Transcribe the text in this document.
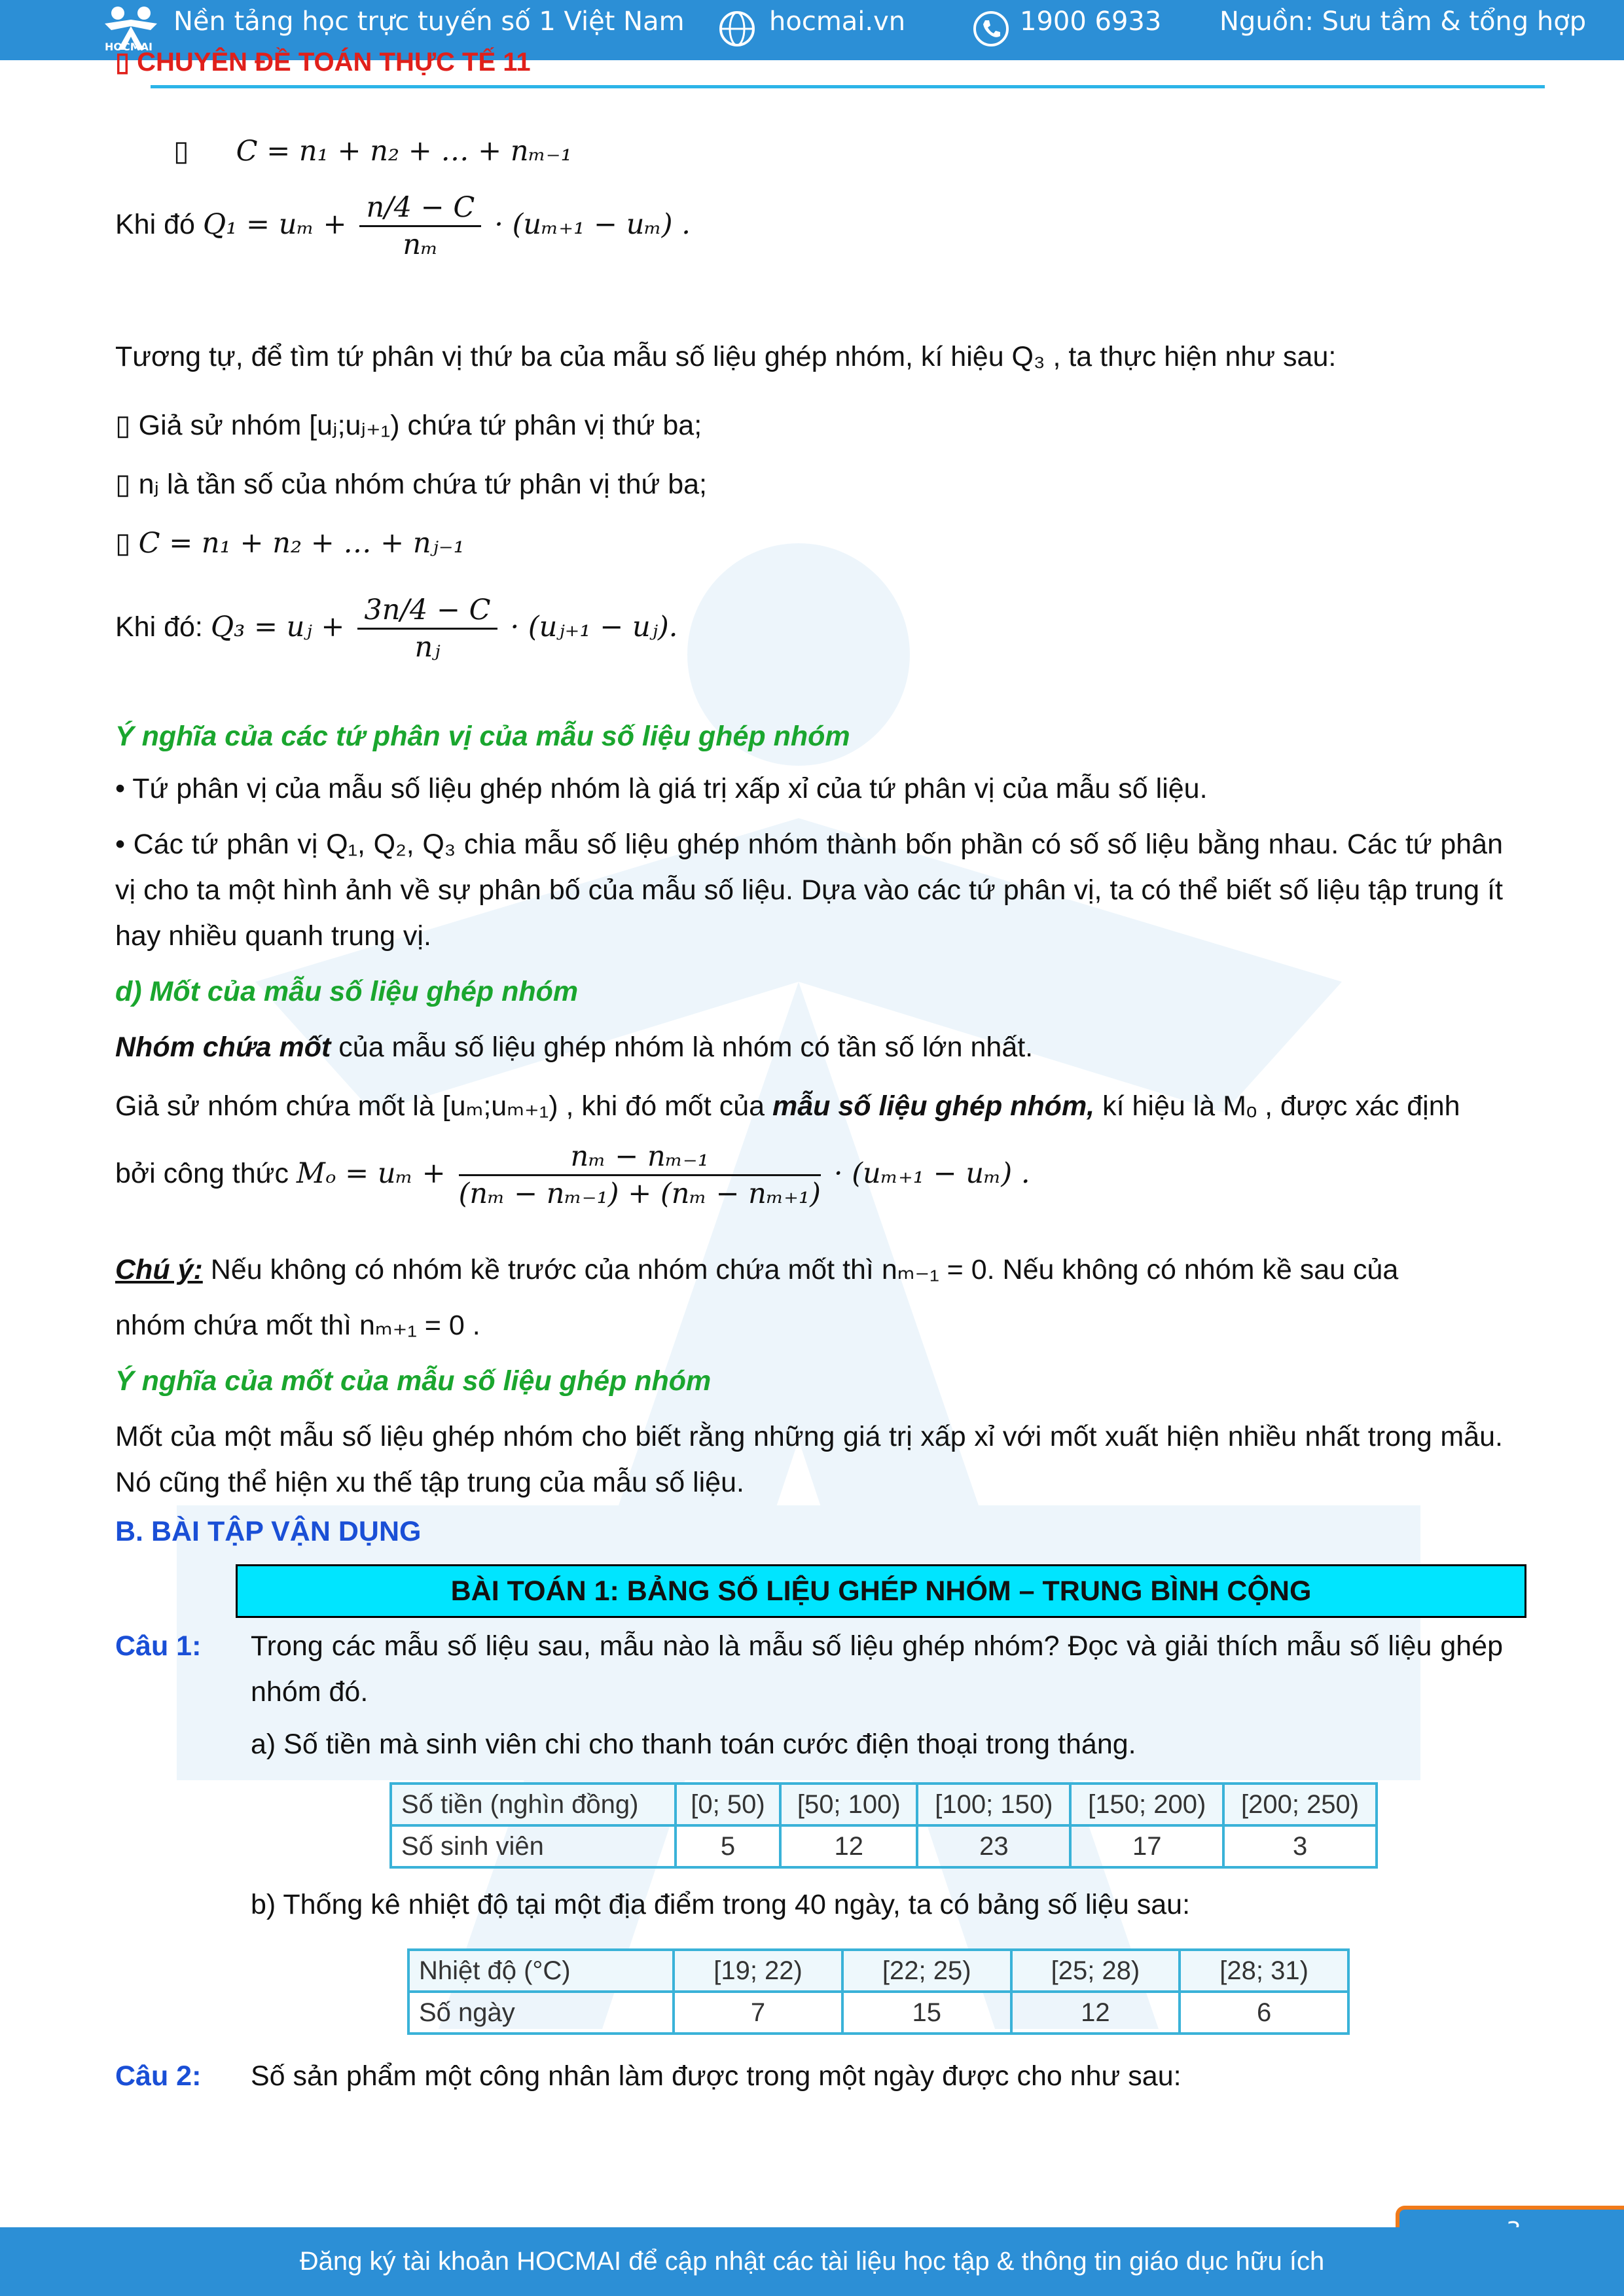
HOCMAI
Nền tảng học trực tuyến số 1 Việt Nam	hocmai.vn	1900 6933 Nguồn: Sưu tầm & tổng hợp
▯ CHUYÊN ĐỀ TOÁN THỰC TẾ 11
▯ C = n₁ + n₂ + … + nₘ₋₁
Khi đó $Q_1 = u_m + \frac{n/4 - C}{\text{nₘ}} \cdot (u_{m+1} - u_m)$ .
Tương tự, để tìm tứ phân vị thứ ba của mẫu số liệu ghép nhóm, kí hiệu Q₃ , ta thực hiện như sau:
▯ Giả sử nhóm [uⱼ;uⱼ₊₁) chứa tứ phân vị thứ ba;
▯ nⱼ là tần số của nhóm chứa tứ phân vị thứ ba;
▯ C = n₁ + n₂ + … + nⱼ₋₁
Khi đó: Q₃ = uⱼ + $\frac{3n/4 - C}{\text{nⱼ}}$ · (uⱼ₊₁ − uⱼ).
Ý nghĩa của các tứ phân vị của mẫu số liệu ghép nhóm
• Tứ phân vị của mẫu số liệu ghép nhóm là giá trị xấp xỉ của tứ phân vị của mẫu số liệu.
• Các tứ phân vị Q₁, Q₂, Q₃ chia mẫu số liệu ghép nhóm thành bốn phần có số số liệu bằng nhau. Các tứ phân vị cho ta một hình ảnh về sự phân bố của mẫu số liệu. Dựa vào các tứ phân vị, ta có thể biết số liệu tập trung ít hay nhiều quanh trung vị.
d) Mốt của mẫu số liệu ghép nhóm
Nhóm chứa mốt của mẫu số liệu ghép nhóm là nhóm có tần số lớn nhất.
Giả sử nhóm chứa mốt là [uₘ;uₘ₊₁) , khi đó mốt của mẫu số liệu ghép nhóm, kí hiệu là Mₒ , được xác định
bởi công thức $M_o = u_m + \frac{\text{nₘ − nₘ₋₁}}{\text{(nₘ − nₘ₋₁) + (nₘ − nₘ₊₁)}} \cdot (u_{m+1} - u_m)$ .
Chú ý: Nếu không có nhóm kề trước của nhóm chứa mốt thì nₘ₋₁ = 0. Nếu không có nhóm kề sau của
nhóm chứa mốt thì nₘ₊₁ = 0 .
Ý nghĩa của mốt của mẫu số liệu ghép nhóm
Mốt của một mẫu số liệu ghép nhóm cho biết rằng những giá trị xấp xỉ với mốt xuất hiện nhiều nhất trong mẫu. Nó cũng thể hiện xu thế tập trung của mẫu số liệu.
B. BÀI TẬP VẬN DỤNG
BÀI TOÁN 1: BẢNG SỐ LIỆU GHÉP NHÓM – TRUNG BÌNH CỘNG
Câu 1: Trong các mẫu số liệu sau, mẫu nào là mẫu số liệu ghép nhóm? Đọc và giải thích mẫu số liệu ghép nhóm đó.
a) Số tiền mà sinh viên chi cho thanh toán cước điện thoại trong tháng.
Số tiền (nghìn đồng)	[0; 50)	[50; 100)	[100; 150)	[150; 200)	[200; 250)
Số sinh viên	5	12	23	17	3
b) Thống kê nhiệt độ tại một địa điểm trong 40 ngày, ta có bảng số liệu sau:
Nhiệt độ (°C)	[19; 22)	[22; 25)	[25; 28)	[28; 31)
Số ngày	7	15	12	6
Câu 2: Số sản phẩm một công nhân làm được trong một ngày được cho như sau:
Đăng ký tài khoản HOCMAI để cập nhật các tài liệu học tập & thông tin giáo dục hữu ích
